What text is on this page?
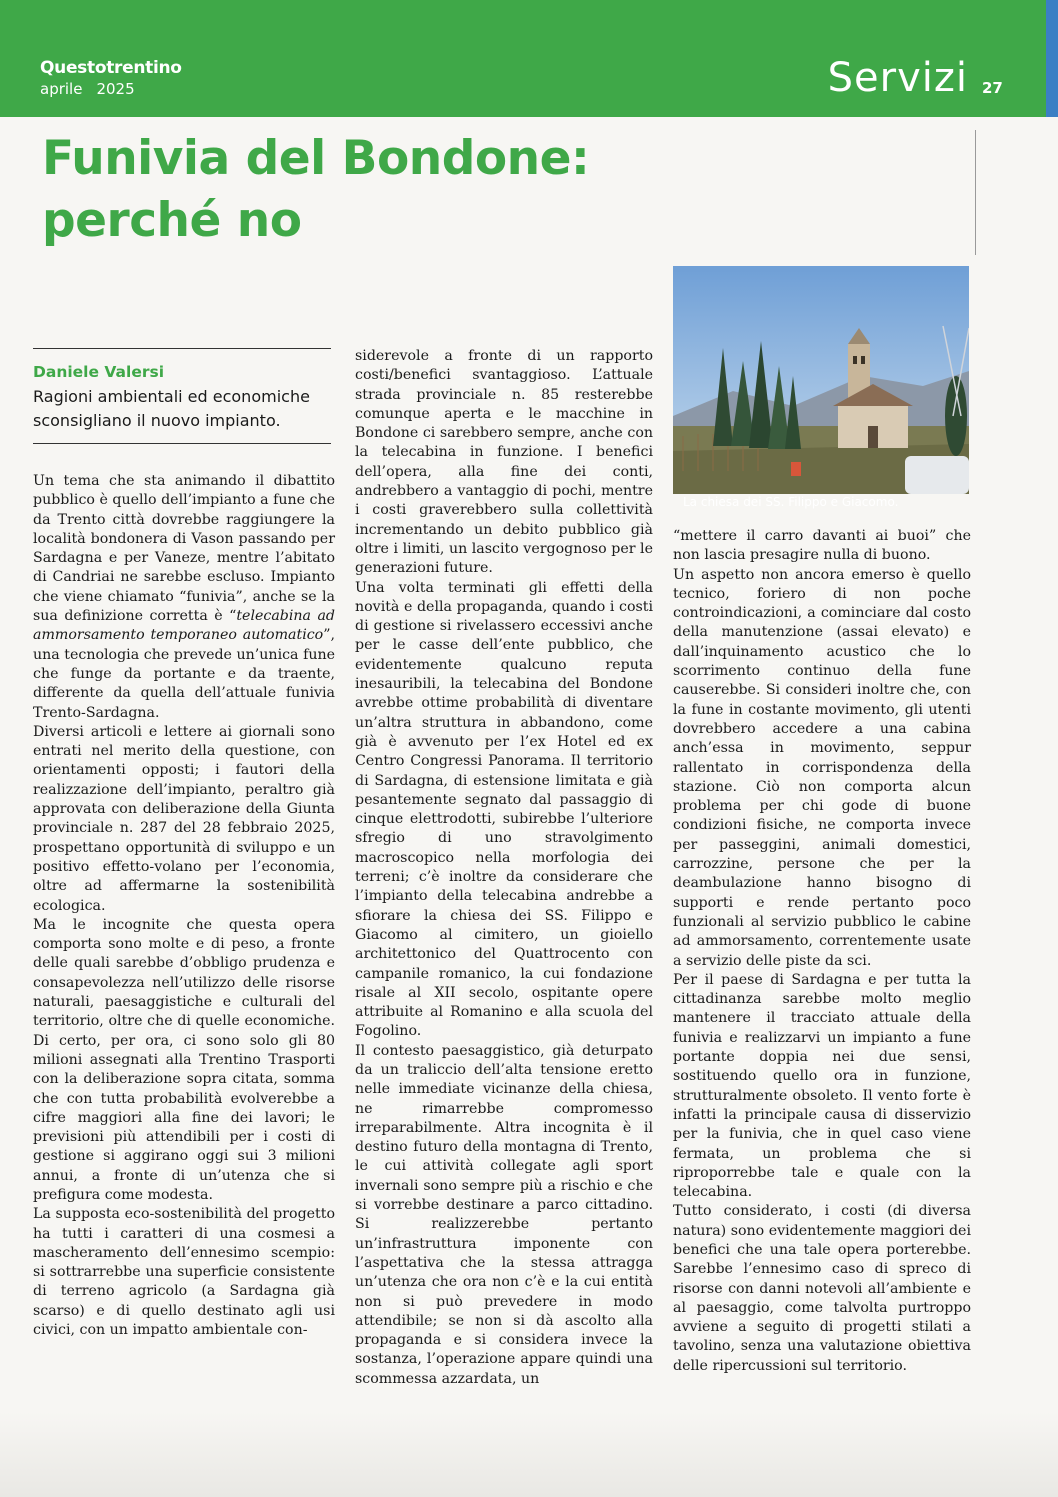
Questotrentino
aprile 2025	Servizi 27
Funivia del Bondone:
perché no
Daniele Valersi
Ragioni ambientali ed economiche sconsigliano il nuovo impianto.

Un tema che sta animando il dibattito pubblico è quello dell’impianto a fune che da Trento città dovrebbe raggiungere la località bondonera di Vason passando per Sardagna e per Vaneze, mentre l’abitato di Candriai ne sarebbe escluso. Impianto che viene chiamato “funivia”, anche se la sua definizione corretta è “telecabina ad ammorsamento temporaneo automatico”, una tecnologia che prevede un’unica fune che funge da portante e da traente, differente da quella dell’attuale funivia Trento-Sardagna.

Diversi articoli e lettere ai giornali sono entrati nel merito della questione, con orientamenti opposti; i fautori della realizzazione dell’impianto, peraltro già approvata con deliberazione della Giunta provinciale n. 287 del 28 febbraio 2025, prospettano opportunità di sviluppo e un positivo effetto-volano per l’economia, oltre ad affermarne la sostenibilità ecologica.

Ma le incognite che questa opera comporta sono molte e di peso, a fronte delle quali sarebbe d’obbligo prudenza e consapevolezza nell’utilizzo delle risorse naturali, paesaggistiche e culturali del territorio, oltre che di quelle economiche. Di certo, per ora, ci sono solo gli 80 milioni assegnati alla Trentino Trasporti con la deliberazione sopra citata, somma che con tutta probabilità evolverebbe a cifre maggiori alla fine dei lavori; le previsioni più attendibili per i costi di gestione si aggirano oggi sui 3 milioni annui, a fronte di un’utenza che si prefigura come modesta.

La supposta eco-sostenibilità del progetto ha tutti i caratteri di una cosmesi a mascheramento dell’ennesimo scempio: si sottrarrebbe una superficie consistente di terreno agricolo (a Sardagna già scarso) e di quello destinato agli usi civici, con un impatto ambientale con-

siderevole a fronte di un rapporto costi/benefici svantaggioso. L’attuale strada provinciale n. 85 resterebbe comunque aperta e le macchine in Bondone ci sarebbero sempre, anche con la telecabina in funzione. I benefici dell’opera, alla fine dei conti, andrebbero a vantaggio di pochi, mentre i costi graverebbero sulla collettività incrementando un debito pubblico già oltre i limiti, un lascito vergognoso per le generazioni future.

Una volta terminati gli effetti della novità e della propaganda, quando i costi di gestione si rivelassero eccessivi anche per le casse dell’ente pubblico, che evidentemente qualcuno reputa inesauribili, la telecabina del Bondone avrebbe ottime probabilità di diventare un’altra struttura in abbandono, come già è avvenuto per l’ex Hotel ed ex Centro Congressi Panorama. Il territorio di Sardagna, di estensione limitata e già pesantemente segnato dal passaggio di cinque elettrodotti, subirebbe l’ulteriore sfregio di uno stravolgimento macroscopico nella morfologia dei terreni; c’è inoltre da considerare che l’impianto della telecabina andrebbe a sfiorare la chiesa dei SS. Filippo e Giacomo al cimitero, un gioiello architettonico del Quattrocento con campanile romanico, la cui fondazione risale al XII secolo, ospitante opere attribuite al Romanino e alla scuola del Fogolino.

Il contesto paesaggistico, già deturpato da un traliccio dell’alta tensione eretto nelle immediate vicinanze della chiesa, ne rimarrebbe compromesso irreparabilmente. Altra incognita è il destino futuro della montagna di Trento, le cui attività collegate agli sport invernali sono sempre più a rischio e che si vorrebbe destinare a parco cittadino. Si realizzerebbe pertanto un’infrastruttura imponente con l’aspettativa che la stessa attragga un’utenza che ora non c’è e la cui entità non si può prevedere in modo attendibile; se non si dà ascolto alla propaganda e si considera invece la sostanza, l’operazione appare quindi una scommessa azzardata, un

La chiesa dei SS. Filippo e Giacomo.

“mettere il carro davanti ai buoi” che non lascia presagire nulla di buono.

Un aspetto non ancora emerso è quello tecnico, foriero di non poche controindicazioni, a cominciare dal costo della manutenzione (assai elevato) e dall’inquinamento acustico che lo scorrimento continuo della fune causerebbe. Si consideri inoltre che, con la fune in costante movimento, gli utenti dovrebbero accedere a una cabina anch’essa in movimento, seppur rallentato in corrispondenza della stazione. Ciò non comporta alcun problema per chi gode di buone condizioni fisiche, ne comporta invece per passeggini, animali domestici, carrozzine, persone che per la deambulazione hanno bisogno di supporti e rende pertanto poco funzionali al servizio pubblico le cabine ad ammorsamento, correntemente usate a servizio delle piste da sci.

Per il paese di Sardagna e per tutta la cittadinanza sarebbe molto meglio mantenere il tracciato attuale della funivia e realizzarvi un impianto a fune portante doppia nei due sensi, sostituendo quello ora in funzione, strutturalmente obsoleto. Il vento forte è infatti la principale causa di disservizio per la funivia, che in quel caso viene fermata, un problema che si riproporrebbe tale e quale con la telecabina.

Tutto considerato, i costi (di diversa natura) sono evidentemente maggiori dei benefici che una tale opera porterebbe. Sarebbe l’ennesimo caso di spreco di risorse con danni notevoli all’ambiente e al paesaggio, come talvolta purtroppo avviene a seguito di progetti stilati a tavolino, senza una valutazione obiettiva delle ripercussioni sul territorio.
